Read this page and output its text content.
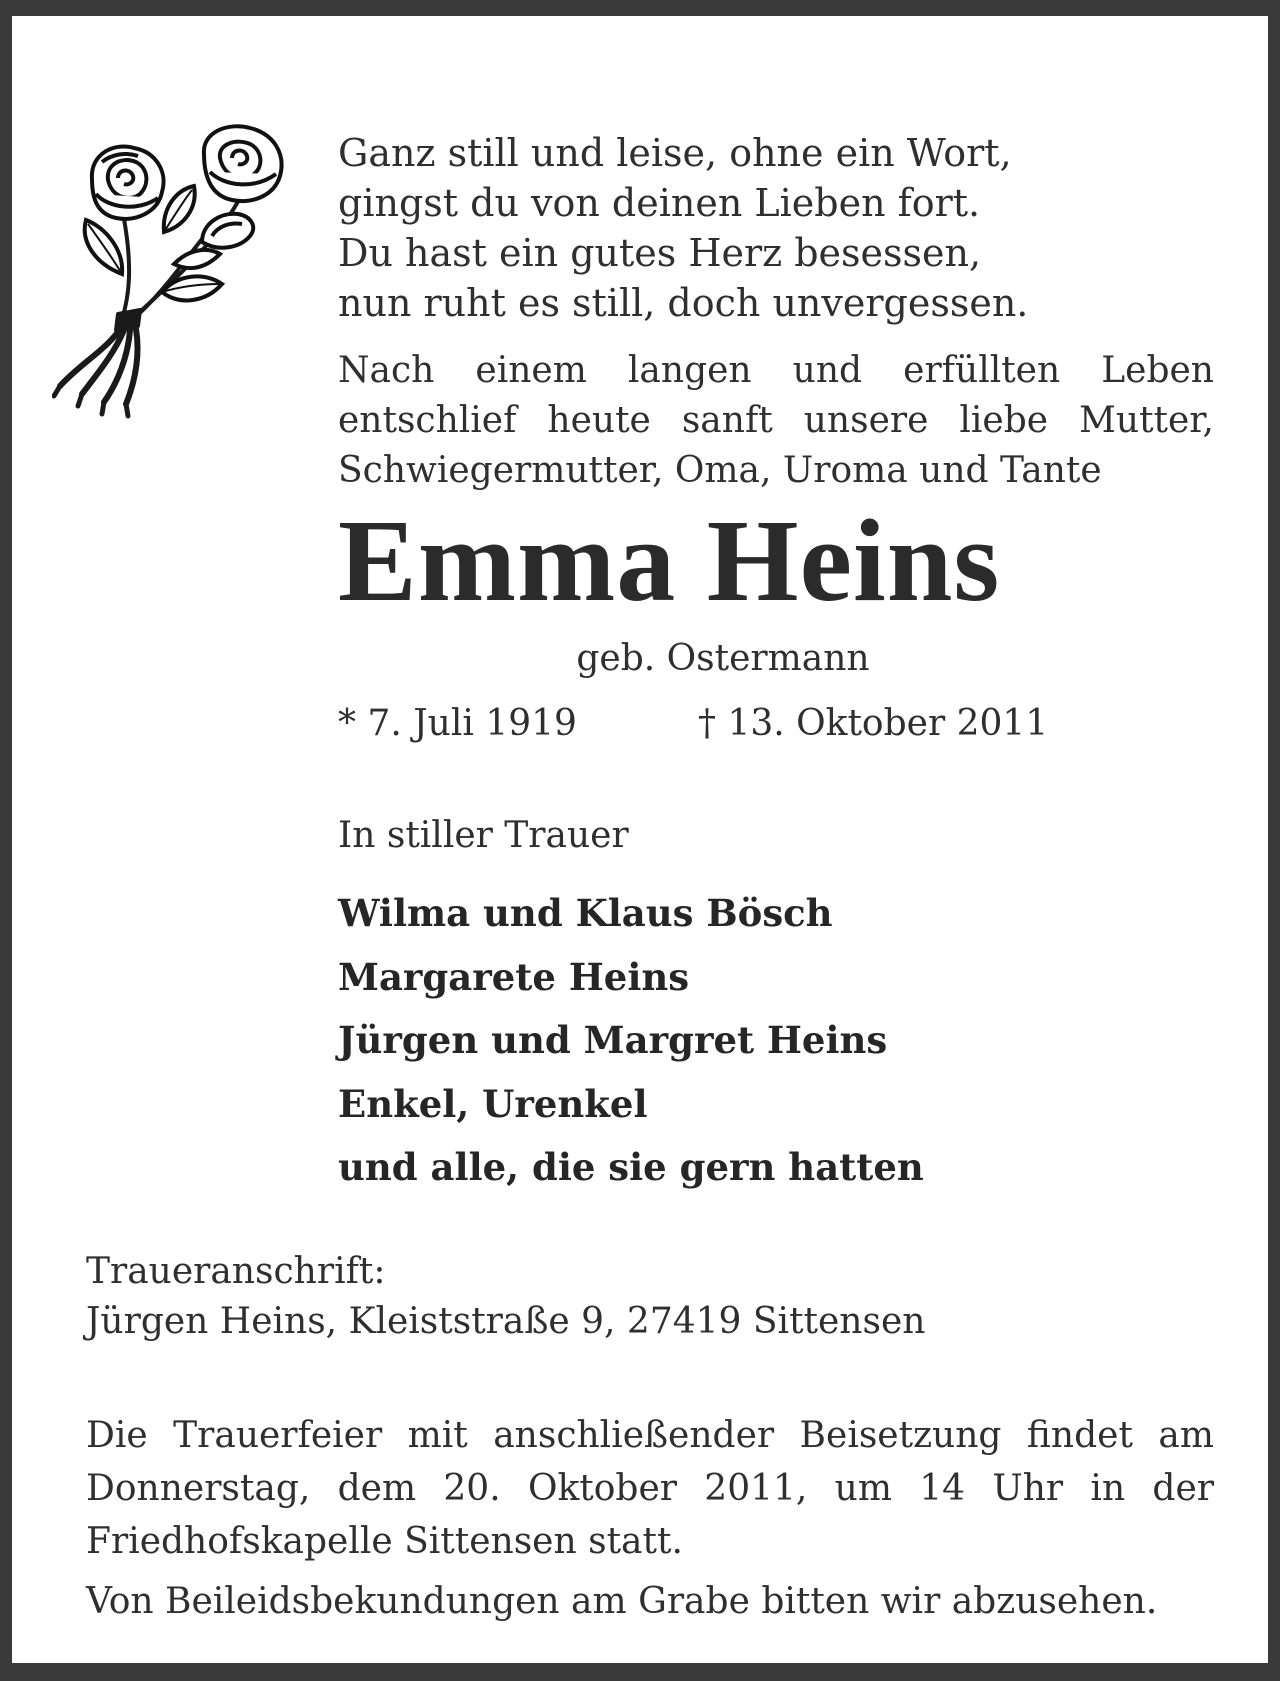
Ganz still und leise, ohne ein Wort,
gingst du von deinen Lieben fort.
Du hast ein gutes Herz besessen,
nun ruht es still, doch unvergessen.
Nach einem langen und erfüllten Leben
entschlief heute sanft unsere liebe Mutter,
Schwiegermutter, Oma, Uroma und Tante
Emma Heins
geb. Ostermann
* 7. Juli 1919	† 13. Oktober 2011
In stiller Trauer
Wilma und Klaus Bösch
Margarete Heins
Jürgen und Margret Heins
Enkel, Urenkel
und alle, die sie gern hatten
Traueranschrift:
Jürgen Heins, Kleiststraße 9, 27419 Sittensen
Die Trauerfeier mit anschließender Beisetzung findet am
Donnerstag, dem 20. Oktober 2011, um 14 Uhr in der
Friedhofskapelle Sittensen statt.
Von Beileidsbekundungen am Grabe bitten wir abzusehen.
